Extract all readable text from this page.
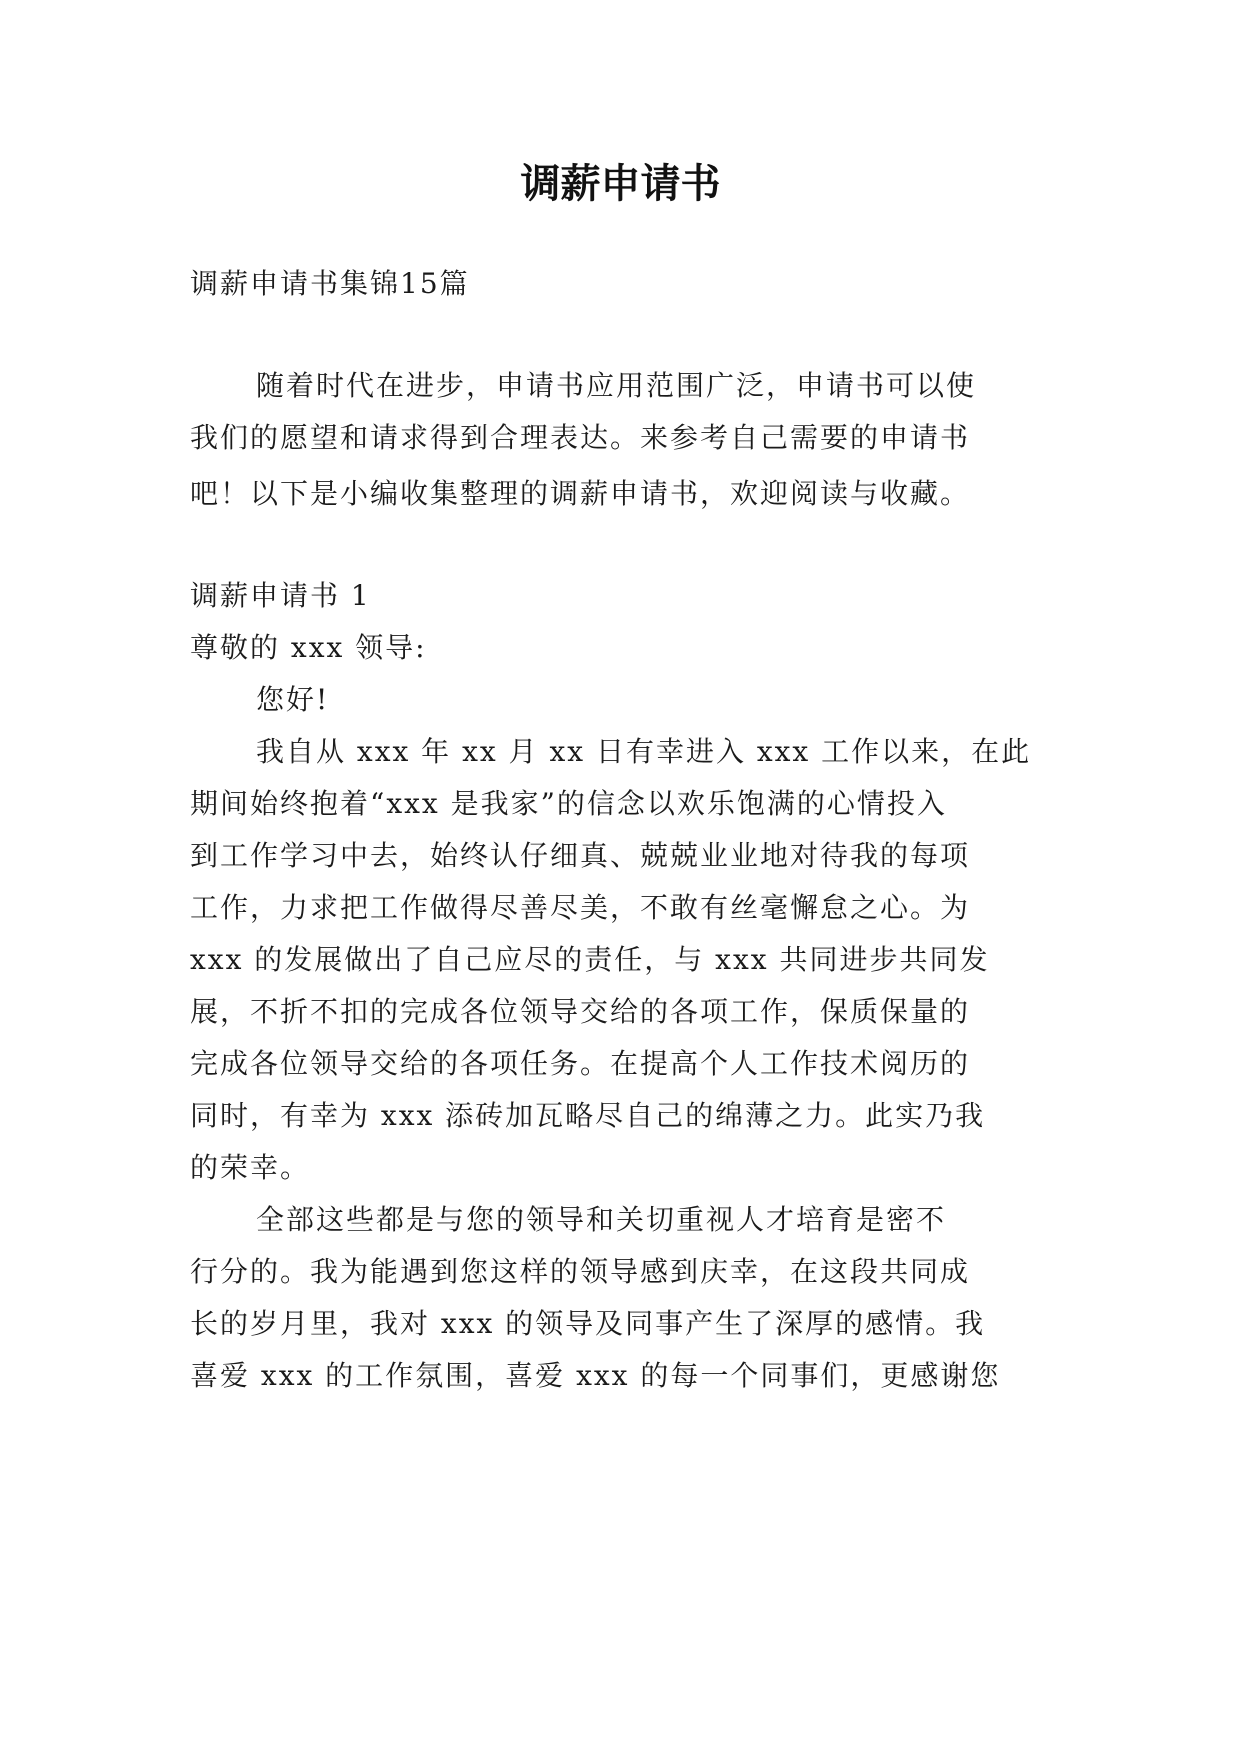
调薪申请书

调薪申请书集锦15篇

随着时代在进步，申请书应用范围广泛，申请书可以使

我们的愿望和请求得到合理表达。来参考自己需要的申请书

吧！以下是小编收集整理的调薪申请书，欢迎阅读与收藏。

调薪申请书 1

尊敬的 xxx 领导:

您好!

我自从 xxx 年 xx 月 xx 日有幸进入 xxx 工作以来，在此

期间始终抱着“xxx 是我家”的信念以欢乐饱满的心情投入

到工作学习中去，始终认仔细真、兢兢业业地对待我的每项

工作，力求把工作做得尽善尽美，不敢有丝毫懈怠之心。为

xxx 的发展做出了自己应尽的责任，与 xxx 共同进步共同发

展，不折不扣的完成各位领导交给的各项工作，保质保量的

完成各位领导交给的各项任务。在提高个人工作技术阅历的

同时，有幸为 xxx 添砖加瓦略尽自己的绵薄之力。此实乃我

的荣幸。

全部这些都是与您的领导和关切重视人才培育是密不

行分的。我为能遇到您这样的领导感到庆幸，在这段共同成

长的岁月里，我对 xxx 的领导及同事产生了深厚的感情。我

喜爱 xxx 的工作氛围，喜爱 xxx 的每一个同事们，更感谢您
